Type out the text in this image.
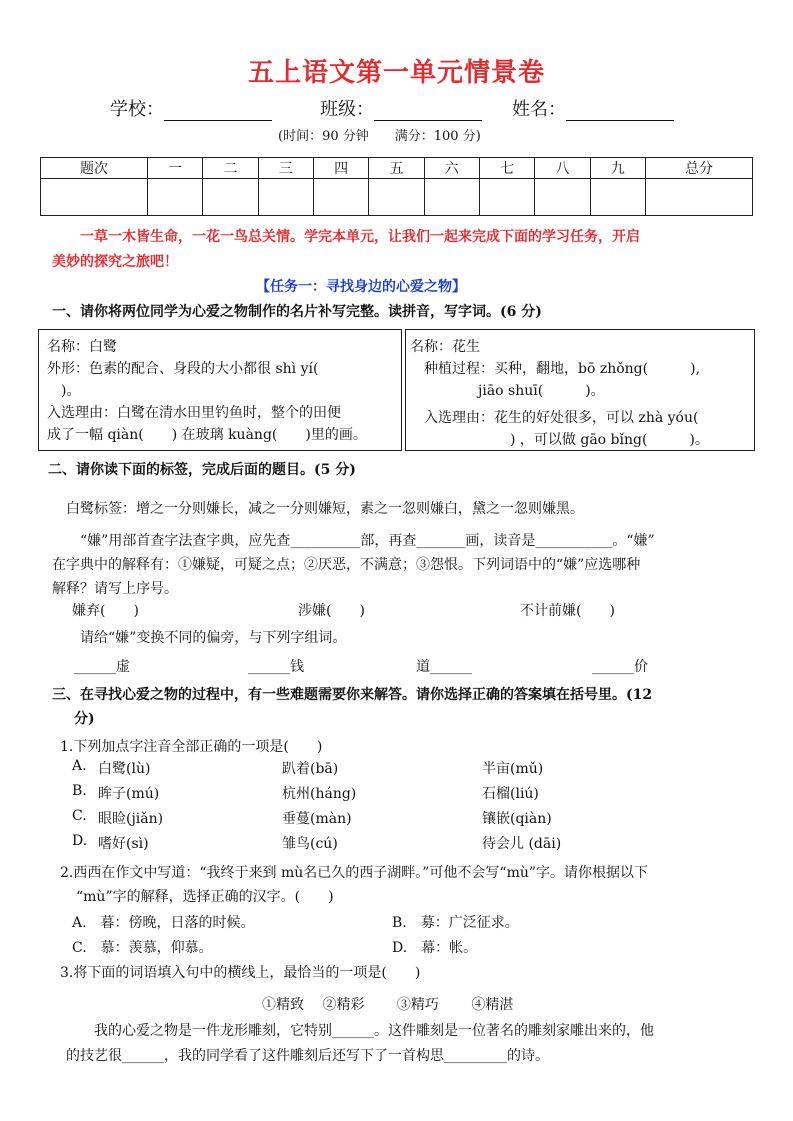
五上语文第一单元情景卷
学校：	班级：	姓名：
(时间：90 分钟　　满分：100 分)
题次	一	二	三	四	五	六	七	八	九	总分

一草一木皆生命，一花一鸟总关情。学完本单元，让我们一起来完成下面的学习任务，开启
美妙的探究之旅吧！
【任务一：寻找身边的心爱之物】
一、请你将两位同学为心爱之物制作的名片补写完整。读拼音，写字词。(6 分)
名称：白鹭
外形：色素的配合、身段的大小都很 shì yí(
　)。
入选理由：白鹭在清水田里钓鱼时，整个的田便
成了一幅 qiàn(　　) 在玻璃 kuàng(　　)里的画。
名称：花生
种植过程：买种，翻地，bō zhǒng(　　　),
jiāo shuī(　　　)。
入选理由：花生的好处很多，可以 zhà yóu(
　) ，可以做 gāo bǐng(　　　)。
二、请你读下面的标签，完成后面的题目。(5 分)
白鹭标签：增之一分则嫌长，减之一分则嫌短，素之一忽则嫌白，黛之一忽则嫌黑。
“嫌”用部首查字法查字典，应先查__________部，再查_______画，读音是___________。“嫌”
在字典中的解释有：①嫌疑，可疑之点；②厌恶，不满意；③怨恨。下列词语中的“嫌”应选哪种
解释？请写上序号。
嫌弃(　　)	涉嫌(　　)	不计前嫌(　　)
请给“嫌”变换不同的偏旁，与下列字组词。
______虚	______钱	道______	______价
三、在寻找心爱之物的过程中，有一些难题需要你来解答。请你选择正确的答案填在括号里。(12
分)
1.下列加点字注音全部正确的一项是(　　)
A. 白鹭(lù)	趴着(bā)	半亩(mǔ)
B. 眸子(mú)	杭州(háng)	石榴(liú)
C. 眼睑(jiǎn)	垂蔓(màn)	镶嵌(qiàn)
D. 嗜好(sì)	雏鸟(cú)	待会儿 (dāi)
2.西西在作文中写道：“我终于来到 mù名已久的西子湖畔。”可他不会写“mù”字。请你根据以下
“mù”字的解释，选择正确的汉字。(　　)
A.　暮：傍晚，日落的时候。	B.　募：广泛征求。
C.　慕：羡慕，仰慕。	D.　幕：帐。
3.将下面的词语填入句中的横线上，最恰当的一项是(　　)
①精致　 ②精彩　　 ③精巧　　 ④精湛
我的心爱之物是一件龙形雕刻，它特别______。这件雕刻是一位著名的雕刻家雕出来的，他
的技艺很______，我的同学看了这件雕刻后还写下了一首构思_________的诗。
